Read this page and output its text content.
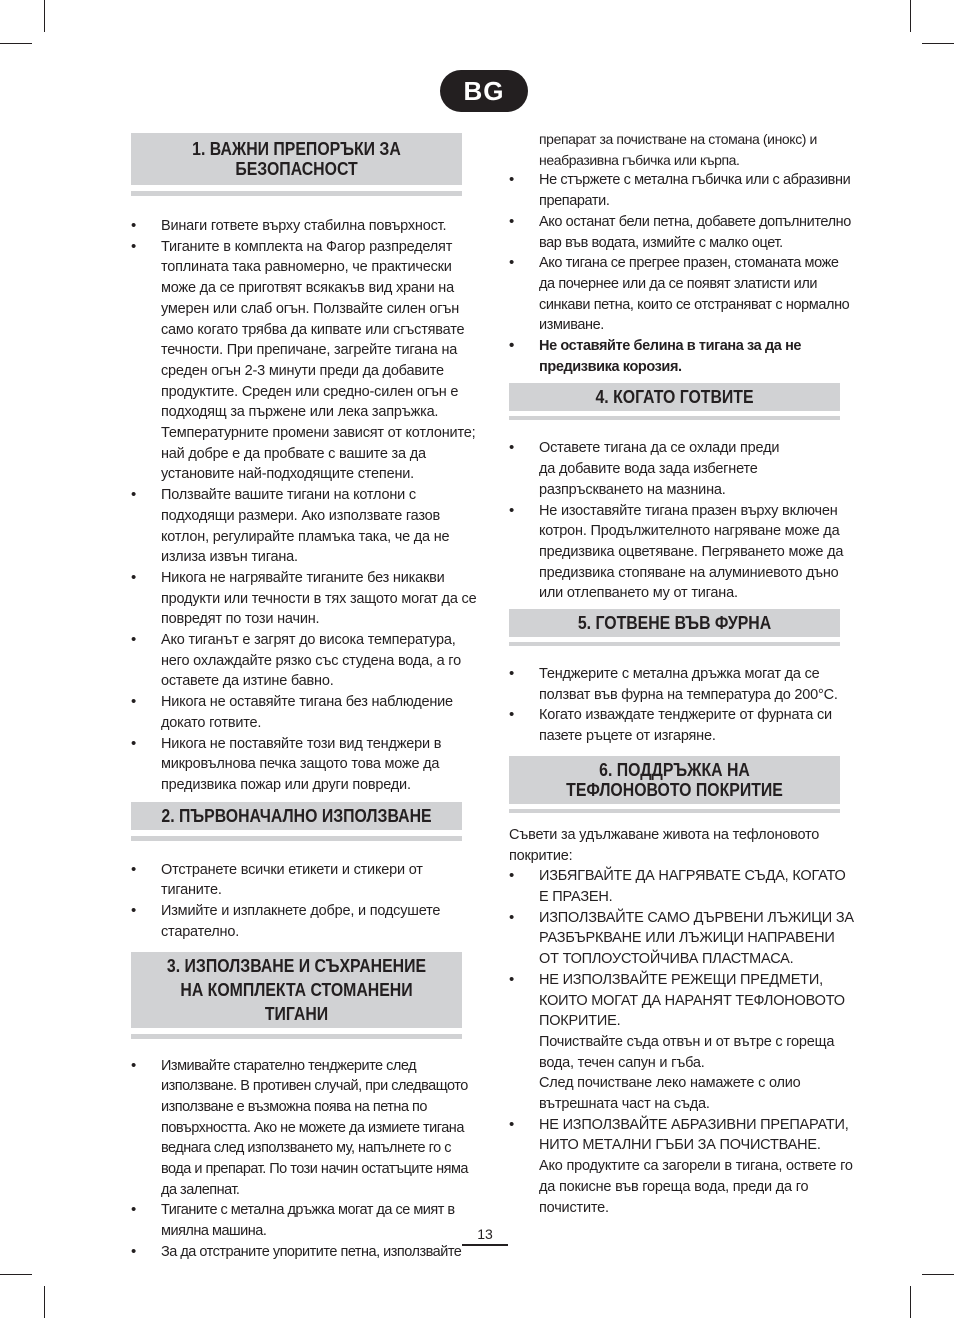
BG
1. ВАЖНИ ПРЕПОРЪКИ ЗА БЕЗОПАСНОСТ
• Винаги гответе върху стабилна повърхност.
• Тиганите в комплекта на Фагор разпределят топлината така равномерно, че практически може да се приготвят всякакъв вид храни на умерен или слаб огън. Ползвайте силен огън само когато трябва да кипвате или сгъстявате течности. При препичане, загрейте тигана на среден огън 2-3 минути преди да добавите продуктите. Среден или средно-силен огън е подходящ за пържене или лека запръжка. Температурните промени зависят от котлоните; най добре е да пробвате с вашите за да установите най-подходящите степени.
• Ползвайте вашите тигани на котлони с подходящи размери. Ако използвате газов котлон, регулирайте пламъка така, че да не излиза извън тигана.
• Никога не нагрявайте тиганите без никакви продукти или течности в тях защото могат да се повредят по този начин.
• Ако тиганът е загрят до висока температура, него охлаждайте рязко със студена вода, а го оставете да изтине бавно.
• Никога не оставяйте тигана без наблюдение докато готвите.
• Никога не поставяйте този вид тенджери в микровълнова печка защото това може да предизвика пожар или други повреди.
2. ПЪРВОНАЧАЛНО ИЗПОЛЗВАНЕ
• Отстранете всички етикети и стикери от тиганите.
• Измийте и изплакнете добре, и подсушете старателно.
3. ИЗПОЛЗВАНЕ И СЪХРАНЕНИЕ НА КОМПЛЕКТА СТОМАНЕНИ ТИГАНИ
• Измивайте старателно тенджерите след използване. В противен случай, при следващото използване е възможна поява на петна по повърхността. Ако не можете да измиете тигана веднага след използването му, напълнете го с вода и препарат. По този начин остатъците няма да залепнат.
• Тиганите с метална дръжка могат да се мият в миялна машина.
• За да отстраните упоритите петна, използвайте
препарат за почистване на стомана (инокс) и неабразивна гъбичка или кърпа.
• Не стържете с метална гъбичка или с абразивни препарати.
• Ако останат бели петна, добавете допълнително вар във водата, измийте с малко оцет.
• Ако тигана се прегрее празен, стоманата може да почернее или да се появят златисти или синкави петна, които се отстраняват с нормално измиване.
• Не оставяйте белина в тигана за да не предизвика корозия.
4. КОГАТО ГОТВИТЕ
• Оставете тигана да се охлади преди да добавите вода зада избегнете разпръскването на мазнина.
• Не изоставяйте тигана празен върху включен котрон. Продължителното нагряване може да предизвика оцветяване. Пегряването може да предизвика стопяване на алуминиевото дъно или отлепването му от тигана.
5. ГОТВЕНЕ ВЪВ ФУРНА
• Тенджерите с метална дръжка могат да се ползват във фурна на температура до 200°C.
• Когато изваждате тенджерите от фурната си пазете ръцете от изгаряне.
6. ПОДДРЪЖКА НА ТЕФЛОНОВОТО ПОКРИТИЕ
Съвети за удължаване живота на тефлоновото покритие:
• ИЗБЯГВАЙТЕ ДА НАГРЯВАТЕ СЪДА, КОГАТО Е ПРАЗЕН.
• ИЗПОЛЗВАЙТЕ САМО ДЪРВЕНИ ЛЪЖИЦИ ЗА РАЗБЪРКВАНЕ ИЛИ ЛЪЖИЦИ НАПРАВЕНИ ОТ ТОПЛОУСТОЙЧИВА ПЛАСТМАСА.
• НЕ ИЗПОЛЗВАЙТЕ РЕЖЕЩИ ПРЕДМЕТИ, КОИТО МОГАТ ДА НАРАНЯТ ТЕФЛОНОВОТО ПОКРИТИЕ.
Почиствайте съда отвън и от вътре с гореща вода, течен сапун и гъба.
След почистване леко намажете с олио вътрешната част на съда.
• НЕ ИЗПОЛЗВАЙТЕ АБРАЗИВНИ ПРЕПАРАТИ, НИТО МЕТАЛНИ ГЪБИ ЗА ПОЧИСТВАНЕ.
Ако продуктите са загорели в тигана, оствете го да покисне във гореща вода, преди да го почистите.
13
